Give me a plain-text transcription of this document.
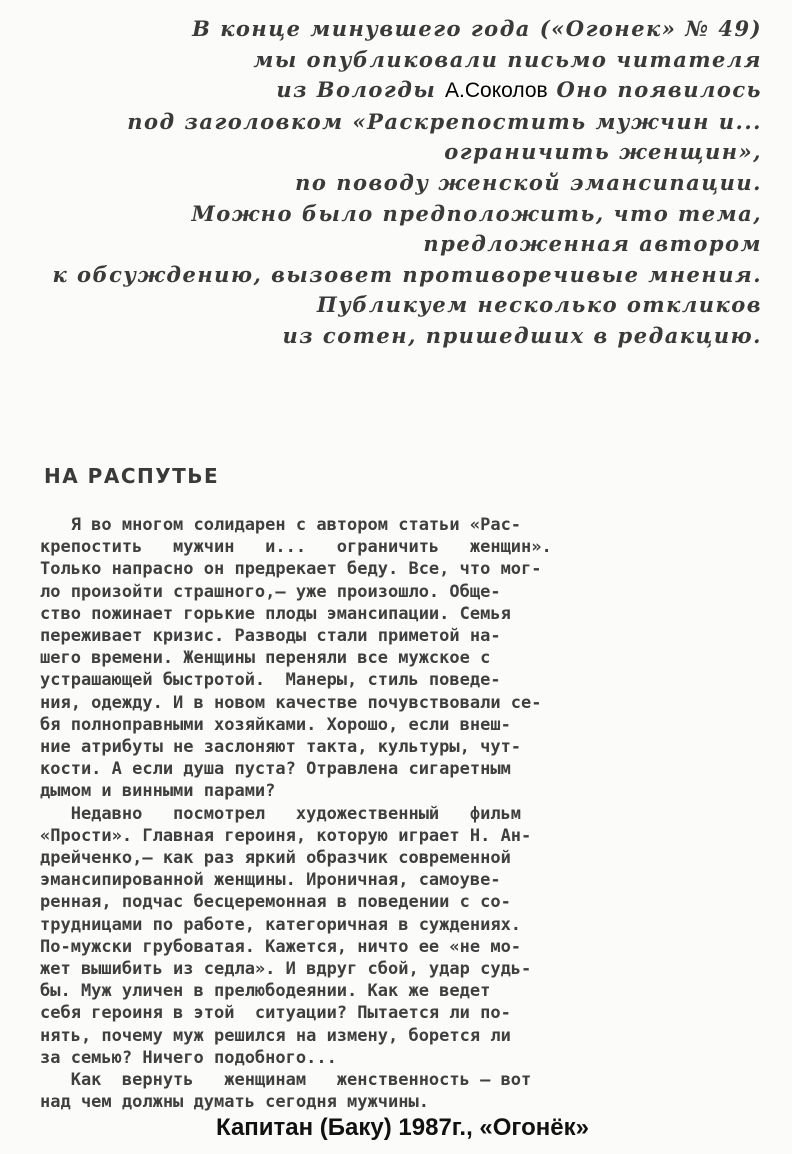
В конце минувшего года («Огонек» № 49)
мы опубликовали письмо читателя
из Вологды А.Соколов Оно появилось
под заголовком «Раскрепостить мужчин и...
ограничить женщин»,
по поводу женской эмансипации.
Можно было предположить, что тема,
предложенная автором
к обсуждению, вызовет противоречивые мнения.
Публикуем несколько откликов
из сотен, пришедших в редакцию.
НА РАСПУТЬЕ
Я во многом солидарен с автором статьи «Рас-
крепостить   мужчин   и...   ограничить   женщин».
Только напрасно он предрекает беду. Все, что мог-
ло произойти страшного,— уже произошло. Обще-
ство пожинает горькие плоды эмансипации. Семья
переживает кризис. Разводы стали приметой на-
шего времени. Женщины переняли все мужское с
устрашающей быстротой.  Манеры, стиль поведе-
ния, одежду. И в новом качестве почувствовали се-
бя полноправными хозяйками. Хорошо, если внеш-
ние атрибуты не заслоняют такта, культуры, чут-
кости. А если душа пуста? Отравлена сигаретным
дымом и винными парами?
Недавно   посмотрел   художественный   фильм
«Прости». Главная героиня, которую играет Н. Ан-
дрейченко,— как раз яркий образчик современной
эмансипированной женщины. Ироничная, самоуве-
ренная, подчас бесцеремонная в поведении с со-
трудницами по работе, категоричная в суждениях.
По-мужски грубоватая. Кажется, ничто ее «не мо-
жет вышибить из седла». И вдруг сбой, удар судь-
бы. Муж уличен в прелюбодеянии. Как же ведет
себя героиня в этой  ситуации? Пытается ли по-
нять, почему муж решился на измену, борется ли
за семью? Ничего подобного...
Как  вернуть   женщинам   женственность — вот
над чем должны думать сегодня мужчины.
Капитан (Баку) 1987г., «Огонёк»
